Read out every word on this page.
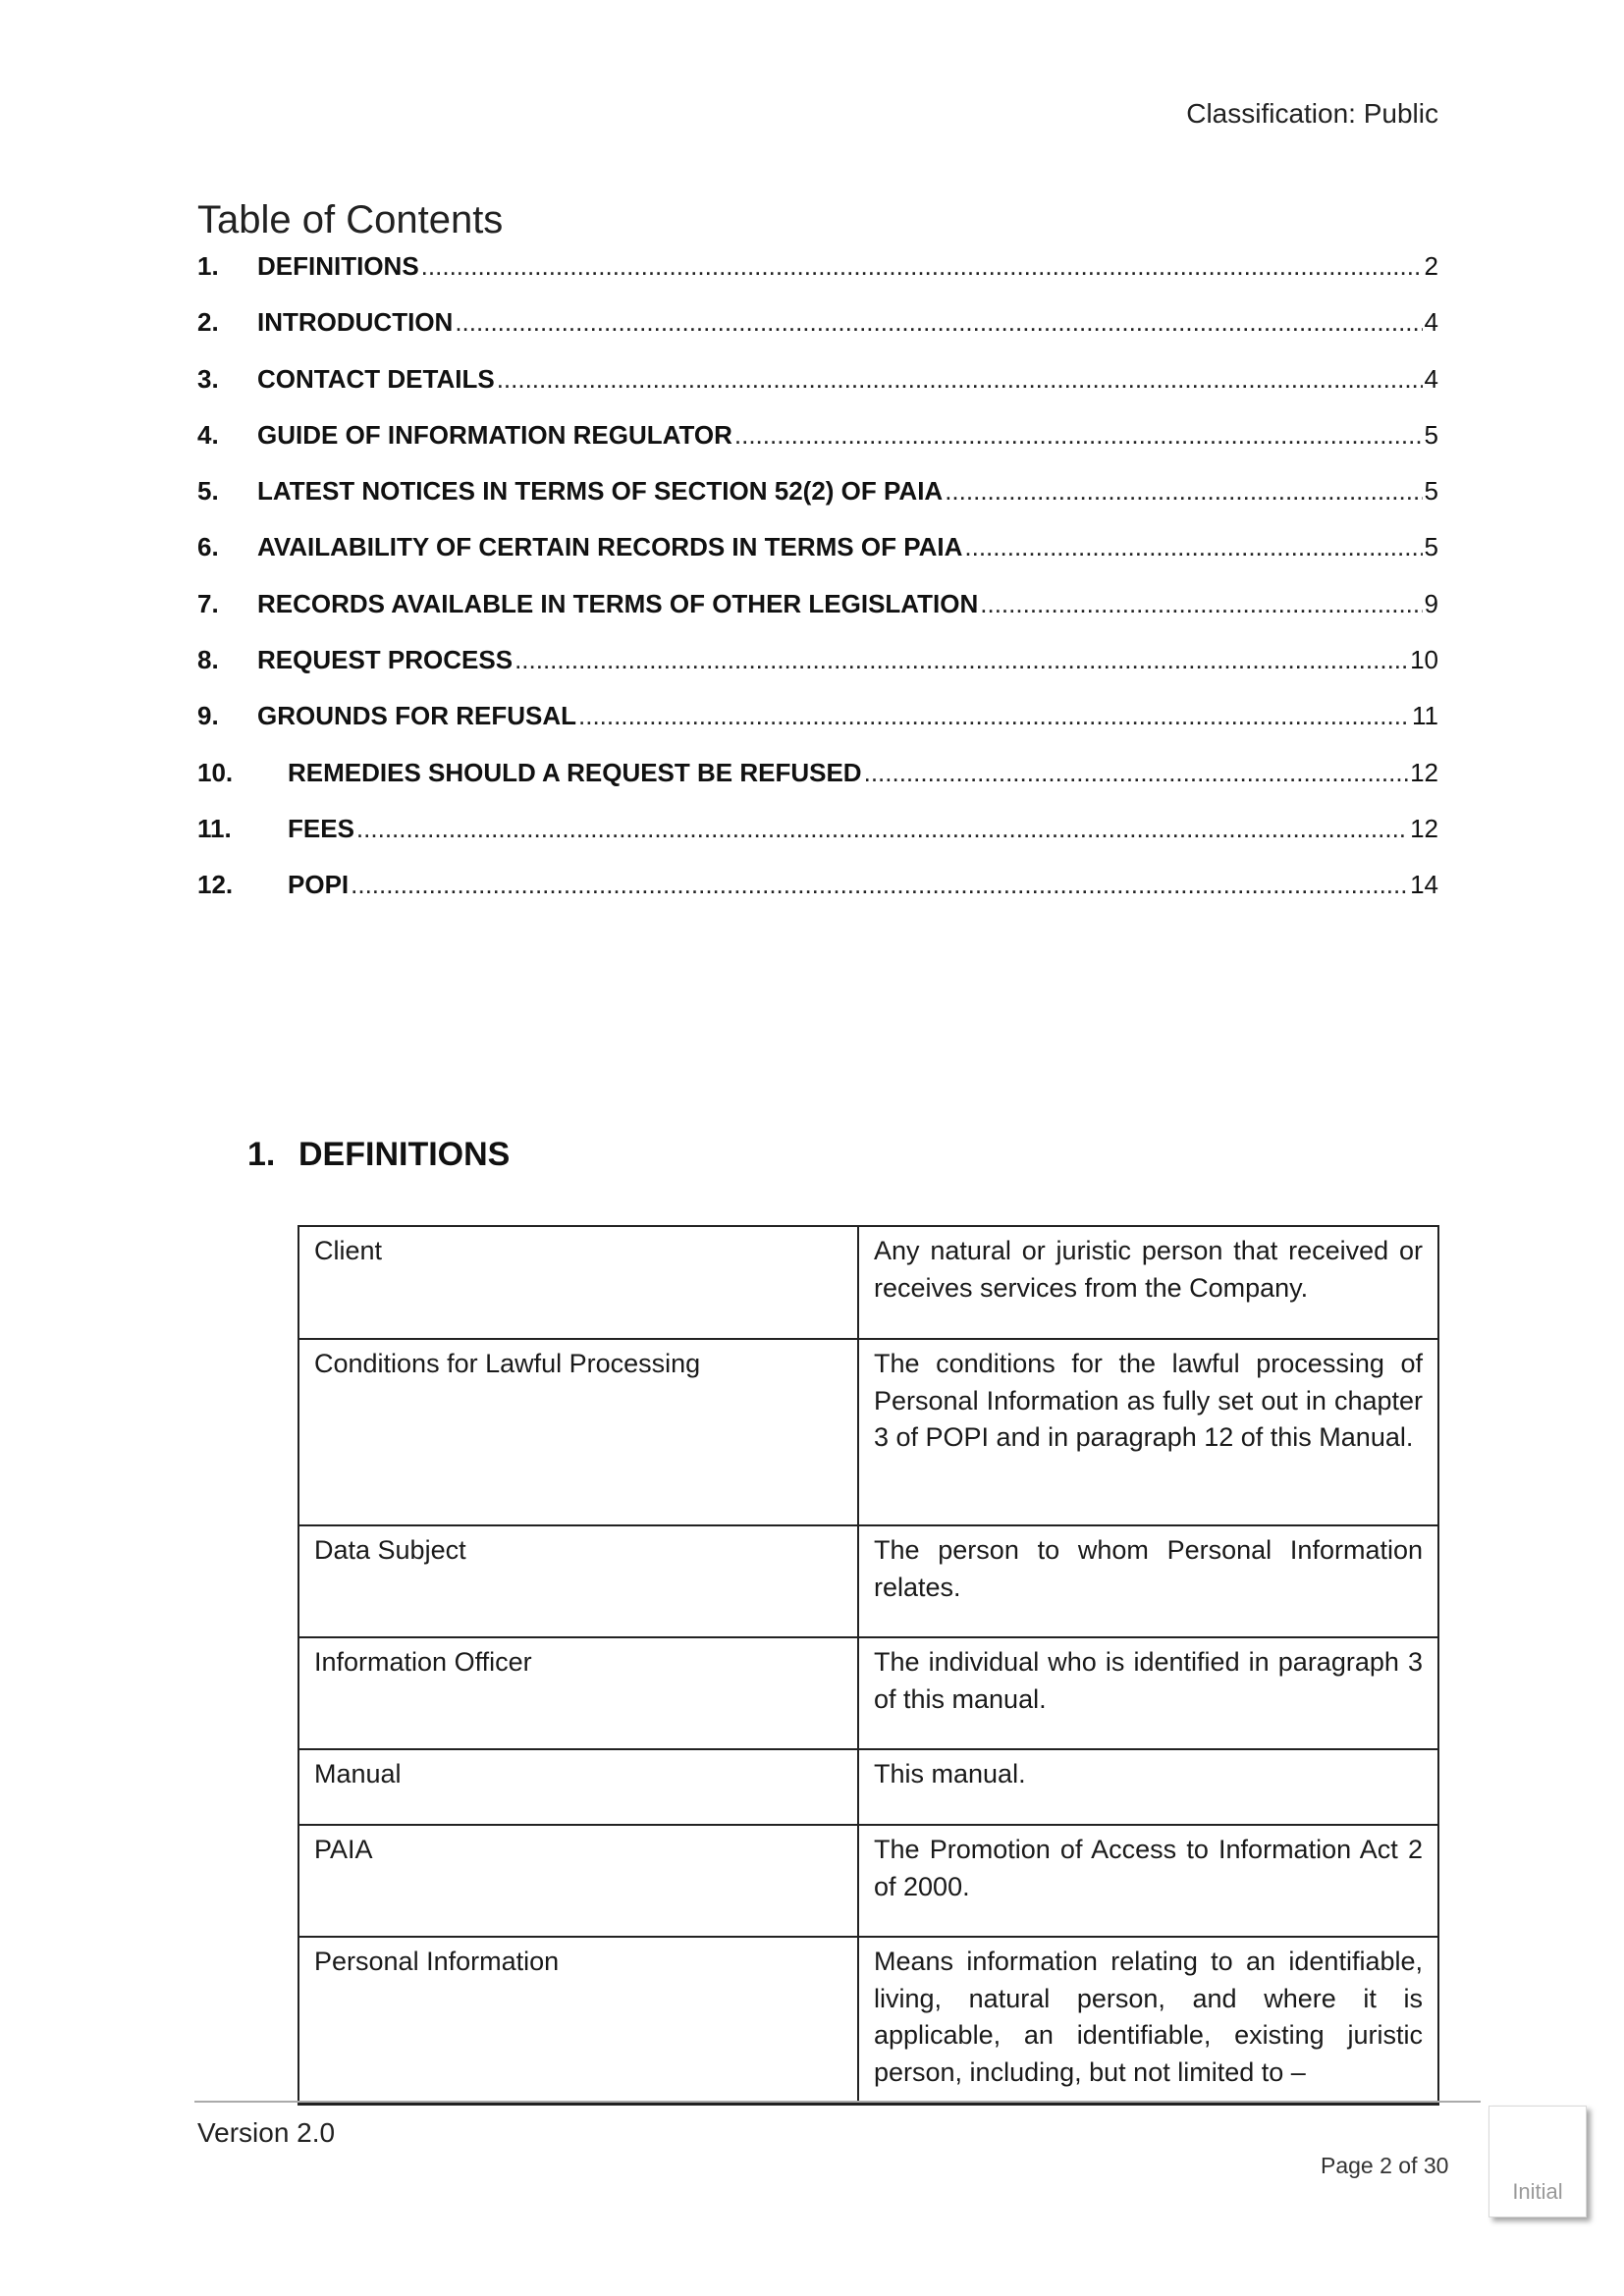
Classification: Public
Table of Contents
1.	DEFINITIONS .....	2
2.	INTRODUCTION .....	4
3.	CONTACT DETAILS .....	4
4.	GUIDE OF INFORMATION REGULATOR .....	5
5.	LATEST NOTICES IN TERMS OF SECTION 52(2) OF PAIA .....	5
6.	AVAILABILITY OF CERTAIN RECORDS IN TERMS OF PAIA .....	5
7.	RECORDS AVAILABLE IN TERMS OF OTHER LEGISLATION .....	9
8.	REQUEST PROCESS .....	10
9.	GROUNDS FOR REFUSAL .....	11
10.	REMEDIES SHOULD A REQUEST BE REFUSED .....	12
11.	FEES .....	12
12.	POPI .....	14
1. DEFINITIONS
Client	Any natural or juristic person that received or receives services from the Company.
Conditions for Lawful Processing	The conditions for the lawful processing of Personal Information as fully set out in chapter 3 of POPI and in paragraph 12 of this Manual.
Data Subject	The person to whom Personal Information relates.
Information Officer	The individual who is identified in paragraph 3 of this manual.
Manual	This manual.
PAIA	The Promotion of Access to Information Act 2 of 2000.
Personal Information	Means information relating to an identifiable, living, natural person, and where it is applicable, an identifiable, existing juristic person, including, but not limited to –
Version 2.0
Page 2 of 30
Initial
